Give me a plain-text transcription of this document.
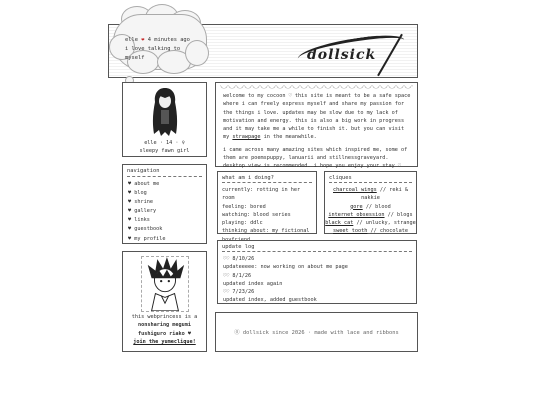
dollsick
elle ❤ 4 minutes ago
i love talking to
myself
elle · 14 · ♀
sleepy fawn girl
navigation
♥ about me
♥ blog
♥ shrine
♥ gallery
♥ links
♥ guestbook
♥ my profile
this webprincess is a
nonsharing megumi
fushiguro riako ♥
join the yumeclique!
welcome to my cocoon ♡ this site is meant to be a safe space where i can freely express myself and share my passion for the things i love. updates may be slow due to my lack of motivation and energy. this is also a big work in progress and it may take me a while to finish it. but you can visit my strawpage in the meanwhile.
i came across many amazing sites which inspired me, some of them are poemspuppy, lanuarii and stillnessgraveyard. desktop view is recommended. i hope you enjoy your stay ♡
what am i doing?
currently: rotting in her room
feeling: bored
watching: blood series
playing: ddlc
thinking about: my fictional
cliques
charcoal wings // reki & nakkie
gore // blood
internet obsession // blogs
black cat // unlucky, strange
sweet tooth // chocolate
update log
♡♡ 8/10/26
updateeeee: now working on about me page
♡♡ 8/1/26
updated index again
♡♡ 7/23/26
updated index, added guestbook
⓪ dollsick since 2026 · made with lace and ribbons
